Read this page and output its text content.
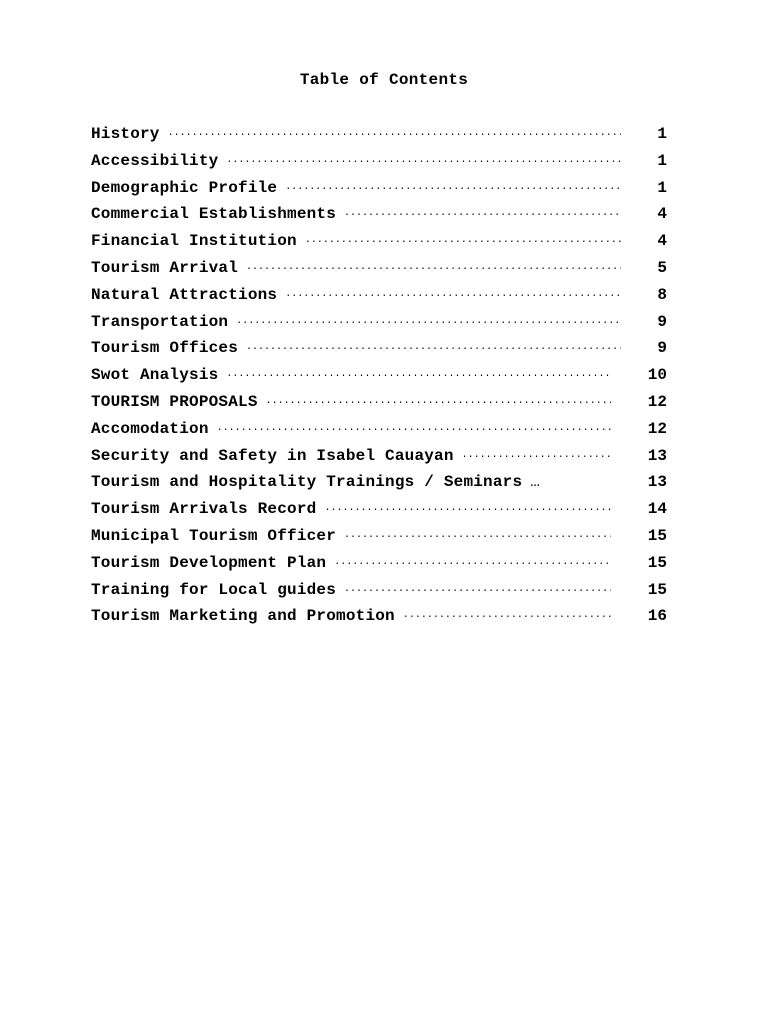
Table of Contents
History .....	1
Accessibility .....	1
Demographic Profile .....	1
Commercial Establishments .....	4
Financial Institution .....	4
Tourism Arrival .....	5
Natural Attractions .....	8
Transportation .....	9
Tourism Offices .....	9
Swot Analysis .....	10
TOURISM PROPOSALS .....	12
Accomodation .....	12
Security and Safety in Isabel Cauayan .....	13
Tourism and Hospitality Trainings / Seminars …	13
Tourism Arrivals Record .....	14
Municipal Tourism Officer .....	15
Tourism Development Plan .....	15
Training for Local guides .....	15
Tourism Marketing and Promotion .....	16
